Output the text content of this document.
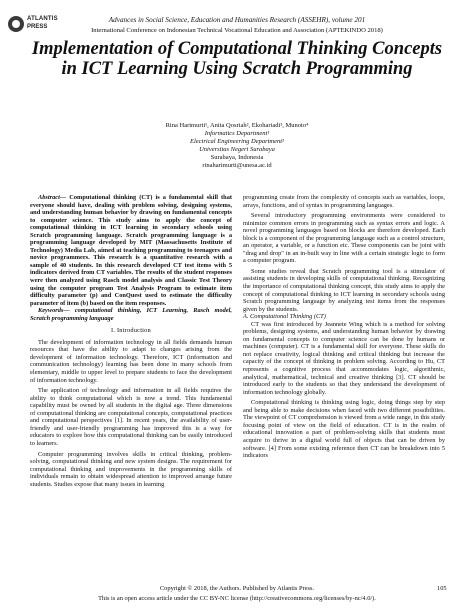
ATLANTIS
PRESS
Advances in Social Science, Education and Humanities Research (ASSEHR), volume 201
International Conference on Indonesian Technical Vocational Education and Association (APTEKINDO 2018)
Implementation of Computational Thinking Concepts in ICT Learning Using Scratch Programming
Rina Harimurti¹, Anita Qosriah², Ekohariadi³, Munoto⁴
Informatics Department¹
Electrical Engineering Department²
Universitas Negeri Surabaya
Surabaya, Indonesia
rinaharimurti@unesa.ac.id

Abstract— Computational thinking (CT) is a fundamental skill that everyone should have, dealing with problem solving, designing systems, and understanding human behavior by drawing on fundamental concepts to computer science. This study aims to apply the concept of computational thinking in ICT learning in secondary schools using Scratch programming language. Scratch programming language is a programming language developed by MIT (Massachusetts Institute of Technology) Media Lab, aimed at teaching programming to teenagers and novice programmers. This research is a quantitative research with a sample of 40 students. In this research developed CT test items with 5 indicators derived from CT variables. The results of the student responses were then analyzed using Rasch model analysis and Classic Test Theory using the computer program Test Analysis Program to estimate item difficulty parameter (p) and ConQuest used to estimate the difficulty parameter of item (b) based on the item responses.

Keywords— computational thinking, ICT Learning, Rasch model, Scratch programming language

I. Introduction

The development of information technology in all fields demands human resources that have the ability to adapt to changes arising from the development of information technology. Therefore, ICT (information and communication technology) learning has been done in many schools from elementary, middle to upper level to prepare students to face the development of information technology.

The application of technology and information in all fields requires the ability to think computational which is now a trend. This fundamental capability must be owned by all students in the digital age. Three dimensions of computational thinking are computational concepts, computational practices and computational perspectives [1]. In recent years, the availability of user-friendly and user-friendly programming has improved this is a way for educators to explore how this computational thinking can be easily introduced to learners.

Computer programming involves skills in critical thinking, problem-solving, computational thinking and new system designs. The requirement for computational thinking and improvements in the programming skills of individuals remain to obtain widespread attention to improved arrange future students. Studies expose that many issues in learning

programming create from the complexity of concepts such as variables, loops, arrays, functions, and of syntax in programming languages.

Several introductory programming environments were considered to minimize common errors in programming such as syntax errors and logic. A novel programming languages based on blocks are therefore developed. Each block is a component of the programming language such as a control structure, an operator, a variable, or a function etc. These components can be joint with "drag and drop" in an in-built way in line with a certain strategic logic to form a computer program.

Some studies reveal that Scratch programming tool is a stimulator of assisting students in developing skills of computational thinking. Recognizing the importance of computational thinking concept, this study aims to apply the concept of computational thinking to ICT learning in secondary schools using Scratch programming language by analyzing test items from the responses given by the students.

A. Computational Thinking (CT)

CT was first introduced by Jeannete Wing which is a method for solving problems, designing systems, and understanding human behavior by drawing on fundamental concepts to computer science can be done by humans or machines (computer). CT is a fundamental skill for everyone. These skills do not replace creativity, logical thinking and critical thinking but increase the capacity of the concept of thinking in problem solving. According to Hu, CT represents a cognitive process that accommodates logic, algorithmic, analytical, mathematical, technical and creative thinking [3]. CT should be introduced early to the students so that they understand the development of information technology globally.

Computational thinking is thinking using logic, doing things step by step and being able to make decisions when faced with two different possibilities. The viewpoint of CT comprehension is viewed from a wide range, in this study focusing point of view on the field of education. CT is in the realm of educational innovation a part of problem-solving skills that students must acquire to thrive in a digital world full of objects that can be driven by software. [4] From some existing reference then CT can be breakdown into 5 indicators

Copyright © 2018, the Authors. Published by Atlantis Press.
This is an open access article under the CC BY-NC license (http://creativecommons.org/licenses/by-nc/4.0/).
105
